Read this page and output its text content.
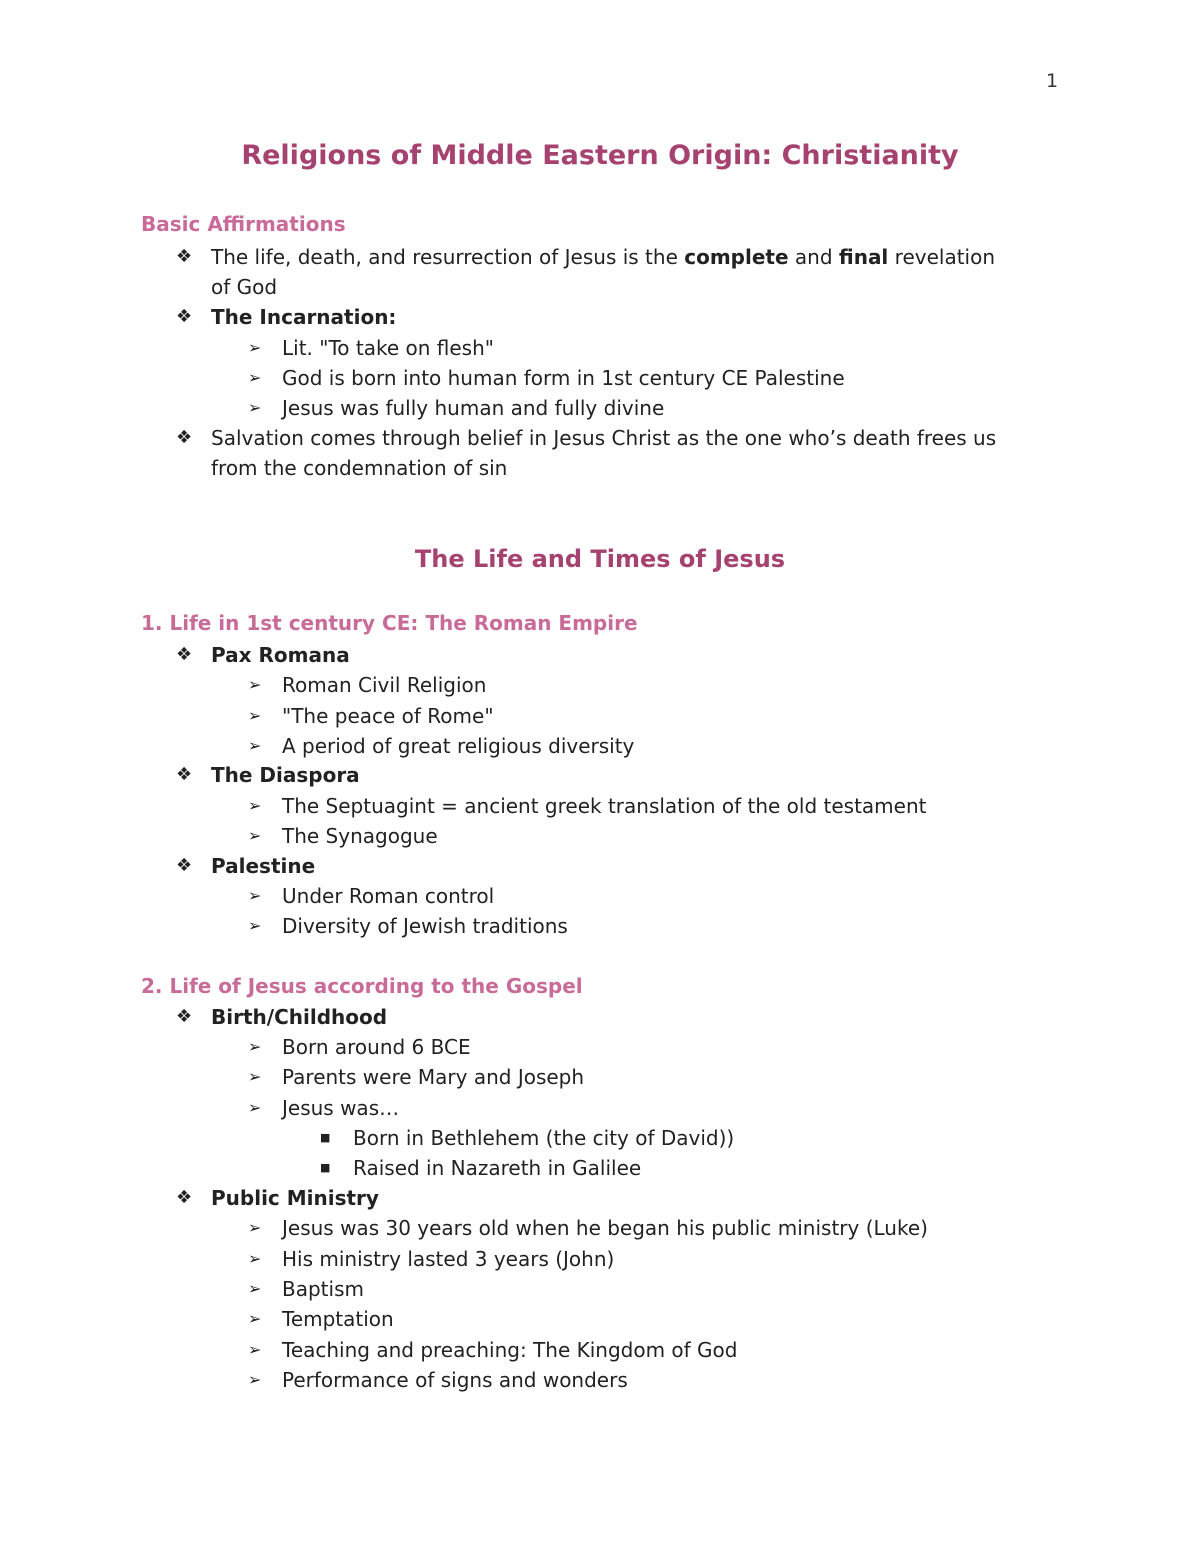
1
Religions of Middle Eastern Origin: Christianity
Basic Affirmations
❖ The life, death, and resurrection of Jesus is the complete and final revelation
of God
❖ The Incarnation:
➢ Lit. "To take on flesh"
➢ God is born into human form in 1st century CE Palestine
➢ Jesus was fully human and fully divine
❖ Salvation comes through belief in Jesus Christ as the one who’s death frees us
from the condemnation of sin
The Life and Times of Jesus
1. Life in 1st century CE: The Roman Empire
❖ Pax Romana
➢ Roman Civil Religion
➢ "The peace of Rome"
➢ A period of great religious diversity
❖ The Diaspora
➢ The Septuagint = ancient greek translation of the old testament
➢ The Synagogue
❖ Palestine
➢ Under Roman control
➢ Diversity of Jewish traditions
2. Life of Jesus according to the Gospel
❖ Birth/Childhood
➢ Born around 6 BCE
➢ Parents were Mary and Joseph
➢ Jesus was…
■ Born in Bethlehem (the city of David))
■ Raised in Nazareth in Galilee
❖ Public Ministry
➢ Jesus was 30 years old when he began his public ministry (Luke)
➢ His ministry lasted 3 years (John)
➢ Baptism
➢ Temptation
➢ Teaching and preaching: The Kingdom of God
➢ Performance of signs and wonders
